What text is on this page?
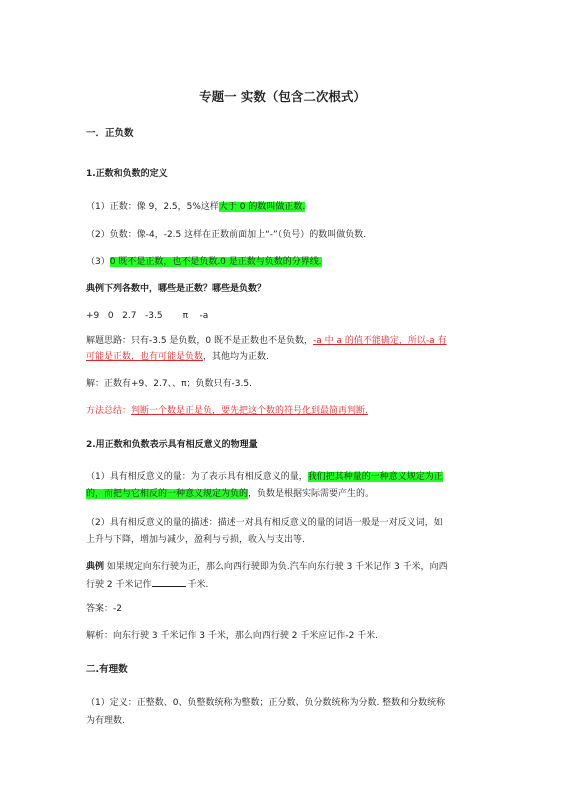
专题一 实数（包含二次根式）
一．正负数
1.正数和负数的定义
（1）正数：像 9，2.5，5%这样大于 0 的数叫做正数.
（2）负数：像-4，-2.5 这样在正数前面加上“-”（负号）的数叫做负数.
（3）0 既不是正数，也不是负数.0 是正数与负数的分界线.
典例下列各数中，哪些是正数？哪些是负数？
+9   0   2.7   -3.5       π    -a
解题思路：只有-3.5 是负数，0 既不是正数也不是负数，-a 中 a 的值不能确定，所以-a 有
可能是正数，也有可能是负数，其他均为正数.
解：正数有+9、2.7、、π；负数只有-3.5.
方法总结：判断一个数是正是负，要先把这个数的符号化到最简再判断.
2.用正数和负数表示具有相反意义的物理量
（1）具有相反意义的量：为了表示具有相反意义的量，我们把其种量的一种意义规定为正
的，而把与它相反的一种意义规定为负的，负数是根据实际需要产生的。
（2）具有相反意义的量的描述：描述一对具有相反意义的量的词语一般是一对反义词，如
上升与下降，增加与减少，盈利与亏损，收入与支出等.
典例 如果规定向东行驶为正，那么向西行驶即为负.汽车向东行驶 3 千米记作 3 千米，向西
行驶 2 千米记作	千米.
答案：-2
解析：向东行驶 3 千米记作 3 千米，那么向西行驶 2 千米应记作-2 千米.
二.有理数
（1）定义：正整数、0、负整数统称为整数；正分数、负分数统称为分数. 整数和分数统称
为有理数.
